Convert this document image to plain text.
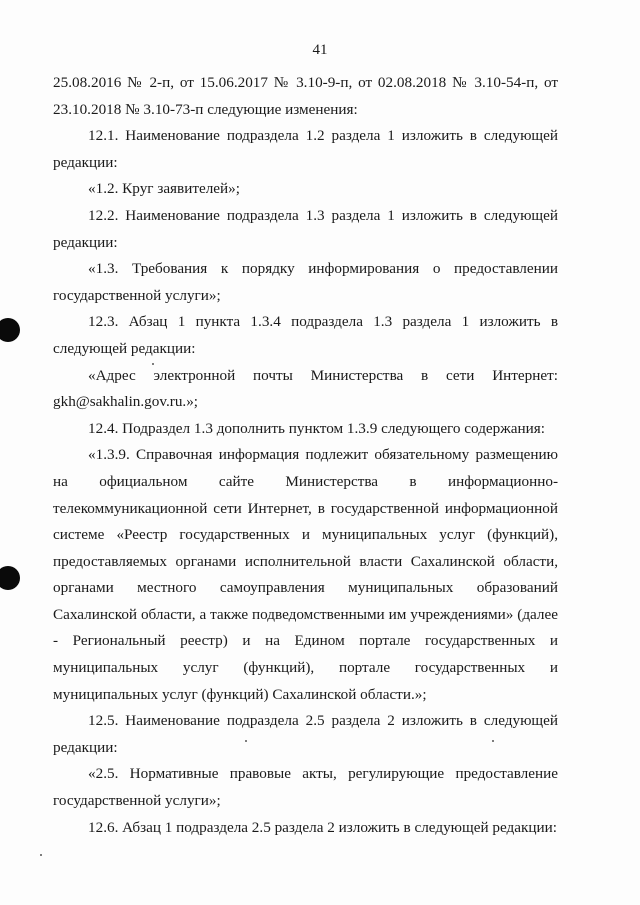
41

25.08.2016 № 2-п, от 15.06.2017 № 3.10-9-п, от 02.08.2018 № 3.10-54-п, от 23.10.2018 № 3.10-73-п следующие изменения:

12.1. Наименование подраздела 1.2 раздела 1 изложить в следующей редакции:

«1.2. Круг заявителей»;

12.2. Наименование подраздела 1.3 раздела 1 изложить в следующей редакции:

«1.3. Требования к порядку информирования о предоставлении государственной услуги»;

12.3. Абзац 1 пункта 1.3.4 подраздела 1.3 раздела 1 изложить в следующей редакции:

«Адрес электронной почты Министерства в сети Интернет: gkh@sakhalin.gov.ru.»;

12.4. Подраздел 1.3 дополнить пунктом 1.3.9 следующего содержания:

«1.3.9. Справочная информация подлежит обязательному размещению на официальном сайте Министерства в информационно-телекоммуникационной сети Интернет, в государственной информационной системе «Реестр государственных и муниципальных услуг (функций), предоставляемых органами исполнительной власти Сахалинской области, органами местного самоуправления муниципальных образований Сахалинской области, а также подведомственными им учреждениями» (далее - Региональный реестр) и на Едином портале государственных и муниципальных услуг (функций), портале государственных и муниципальных услуг (функций) Сахалинской области.»;

12.5. Наименование подраздела 2.5 раздела 2 изложить в следующей редакции:

«2.5. Нормативные правовые акты, регулирующие предоставление государственной услуги»;

12.6. Абзац 1 подраздела 2.5 раздела 2 изложить в следующей редакции:
